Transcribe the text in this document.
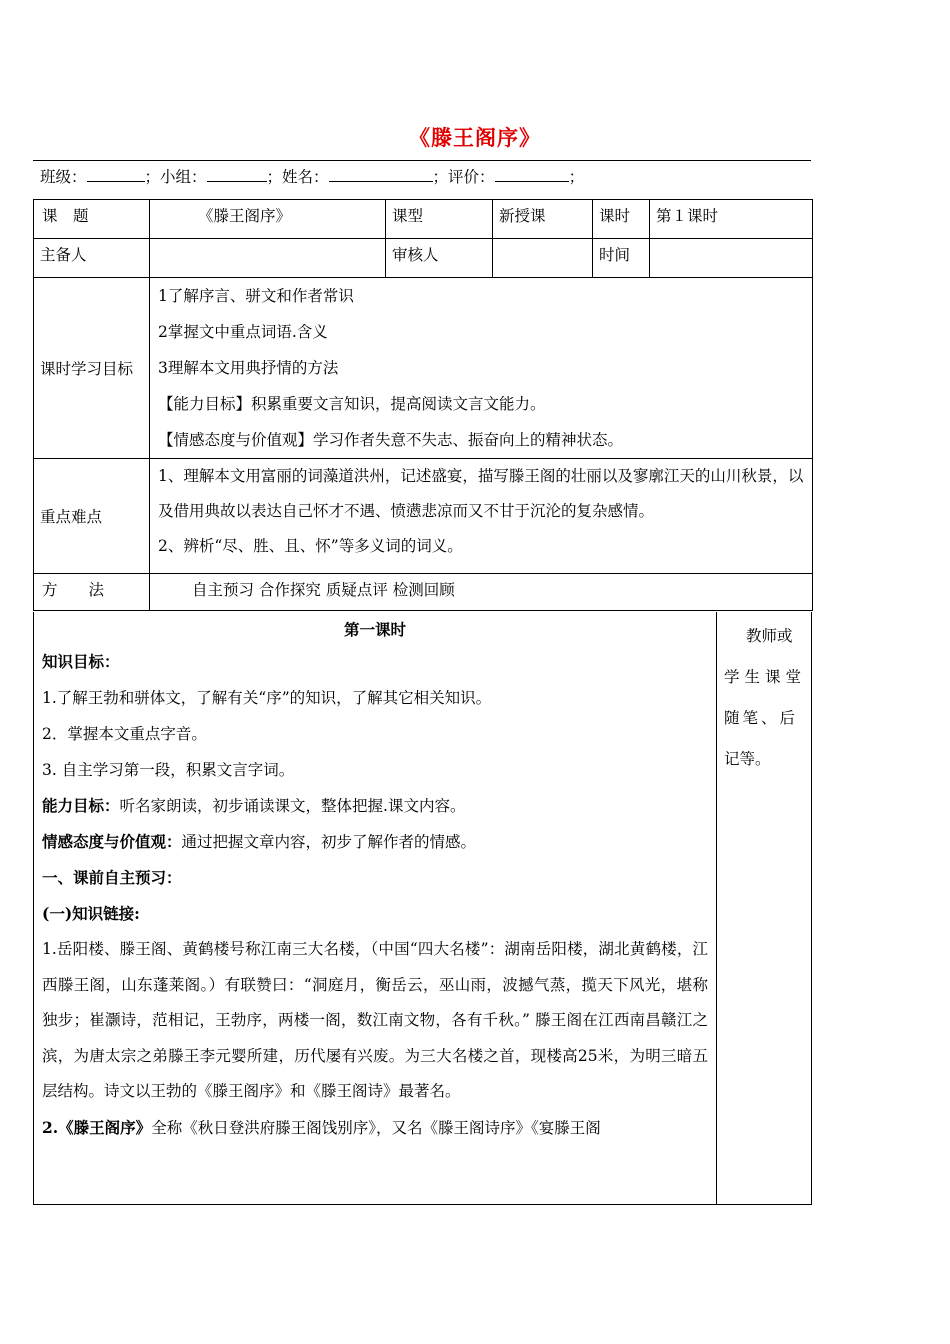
《滕王阁序》
班级：	；小组：	；姓名：	；评价：	；
课　题	《滕王阁序》	课型	新授课	课时	第１课时
主备人		审核人		时间	
课时学习目标	1了解序言、骈文和作者常识

2掌握文中重点词语.含义

3理解本文用典抒情的方法

【能力目标】积累重要文言知识，提高阅读文言文能力。

【情感态度与价值观】学习作者失意不失志、振奋向上的精神状态。				

重点难点	1、理解本文用富丽的词藻道洪州，记述盛宴，描写滕王阁的壮丽以及寥廓江天的山川秋景，以及借用典故以表达自己怀才不遇、愤懑悲凉而又不甘于沉沦的复杂感情。

2、辨析“尽、胜、且、怀”等多义词的词义。				

方　　法	自主预习 合作探究 质疑点评 检测回顾				

第一课时

知识目标：

1.了解王勃和骈体文，了解有关“序”的知识，了解其它相关知识。

2．掌握本文重点字音。

3. 自主学习第一段，积累文言字词。

能力目标：听名家朗读，初步诵读课文，整体把握.课文内容。

情感态度与价值观：通过把握文章内容，初步了解作者的情感。

一、课前自主预习：

(一)知识链接:

1.岳阳楼、滕王阁、黄鹤楼号称江南三大名楼，（中国“四大名楼”：湖南岳阳楼，湖北黄鹤楼，江西滕王阁，山东蓬莱阁。）有联赞曰：“洞庭月，衡岳云，巫山雨，波撼气蒸，揽天下风光，堪称独步；崔灏诗，范相记，王勃序，两楼一阁，数江南文物，各有千秋。” 滕王阁在江西南昌赣江之滨，为唐太宗之弟滕王李元婴所建，历代屡有兴废。为三大名楼之首，现楼高25米，为明三暗五层结构。诗文以王勃的《滕王阁序》和《滕王阁诗》最著名。

2.《滕王阁序》全称《秋日登洪府滕王阁饯别序》，又名《滕王阁诗序》《宴滕王阁

教师或
学生课堂
随笔、后
记等。
